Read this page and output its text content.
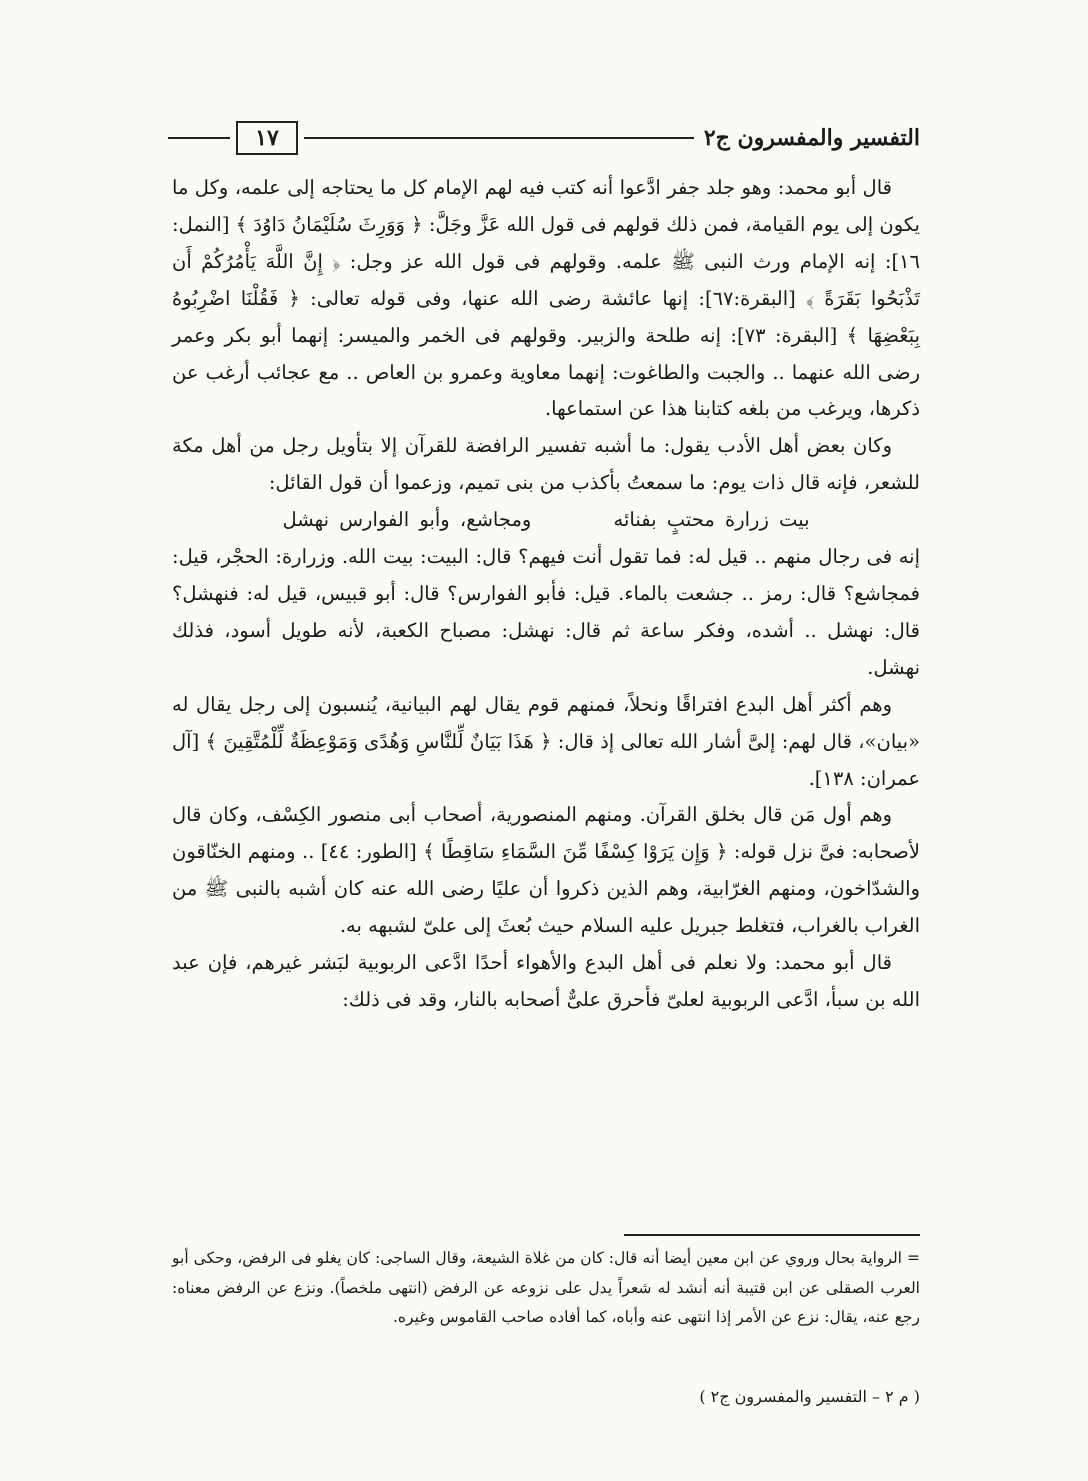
التفسير والمفسرون ج٢
١٧

قال أبو محمد: وهو جلد جفر ادَّعوا أنه كتب فيه لهم الإمام كل ما يحتاجه إلى علمه، وكل ما يكون إلى يوم القيامة، فمن ذلك قولهم فى قول الله عَزَّ وجَلَّ: ﴿ وَوَرِثَ سُلَيْمَانُ دَاوُدَ ﴾ [النمل: ١٦]: إنه الإمام ورث النبى ﷺ علمه. وقولهم فى قول الله عز وجل: ﴿ إِنَّ اللَّهَ يَأْمُرُكُمْ أَن تَذْبَحُوا بَقَرَةً ﴾ [البقرة:٦٧]: إنها عائشة رضى الله عنها، وفى قوله تعالى: ﴿ فَقُلْنَا اضْرِبُوهُ بِبَعْضِهَا ﴾ [البقرة: ٧٣]: إنه طلحة والزبير. وقولهم فى الخمر والميسر: إنهما أبو بكر وعمر رضى الله عنهما .. والجبت والطاغوت: إنهما معاوية وعمرو بن العاص .. مع عجائب أرغب عن ذكرها، ويرغب من بلغه كتابنا هذا عن استماعها.

وكان بعض أهل الأدب يقول: ما أشبه تفسير الرافضة للقرآن إلا بتأويل رجل من أهل مكة للشعر، فإنه قال ذات يوم: ما سمعتُ بأكذب من بنى تميم، وزعموا أن قول القائل:

بيت زرارة محتبٍ بفنائه ومجاشع، وأبو الفوارس نهشل

إنه فى رجال منهم .. قيل له: فما تقول أنت فيهم؟ قال: البيت: بيت الله. وزرارة: الحجْر، قيل: فمجاشع؟ قال: رمز .. جشعت بالماء. قيل: فأبو الفوارس؟ قال: أبو قبيس، قيل له: فنهشل؟ قال: نهشل .. أشده، وفكر ساعة ثم قال: نهشل: مصباح الكعبة، لأنه طويل أسود، فذلك نهشل.

وهم أكثر أهل البدع افتراقًا ونحلاً، فمنهم قوم يقال لهم البيانية، يُنسبون إلى رجل يقال له «بيان»، قال لهم: إلىَّ أشار الله تعالى إذ قال: ﴿ هَذَا بَيَانٌ لِّلنَّاسِ وَهُدًى وَمَوْعِظَةٌ لِّلْمُتَّقِينَ ﴾ [آل عمران: ١٣٨].

وهم أول مَن قال بخلق القرآن. ومنهم المنصورية، أصحاب أبى منصور الكِسْف، وكان قال لأصحابه: فىَّ نزل قوله: ﴿ وَإِن يَرَوْا كِسْفًا مِّنَ السَّمَاءِ سَاقِطًا ﴾ [الطور: ٤٤] .. ومنهم الخنّاقون والشدّاخون، ومنهم الغرّابية، وهم الذين ذكروا أن عليًا رضى الله عنه كان أشبه بالنبى ﷺ من الغراب بالغراب، فتغلط جبريل عليه السلام حيث بُعثَ إلى علىّ لشبهه به.

قال أبو محمد: ولا نعلم فى أهل البدع والأهواء أحدًا ادَّعى الربوبية لبَشر غيرهم، فإن عبد الله بن سبأ، ادَّعى الربوبية لعلىّ فأحرق علىٌّ أصحابه بالنار، وقد فى ذلك:

= الرواية بحال وروي عن ابن معين أيضا أنه قال: كان من غلاة الشيعة، وقال الساجى: كان يغلو فى الرفض، وحكى أبو العرب الصقلى عن ابن قتيبة أنه أنشد له شعراً يدل على نزوعه عن الرفض (انتهى ملخصاً). ونزع عن الرفض معناه: رجع عنه، يقال: نزع عن الأمر إذا انتهى عنه وأباه، كما أفاده صاحب القاموس وغيره.

( م ٢ – التفسير والمفسرون ج٢ )
